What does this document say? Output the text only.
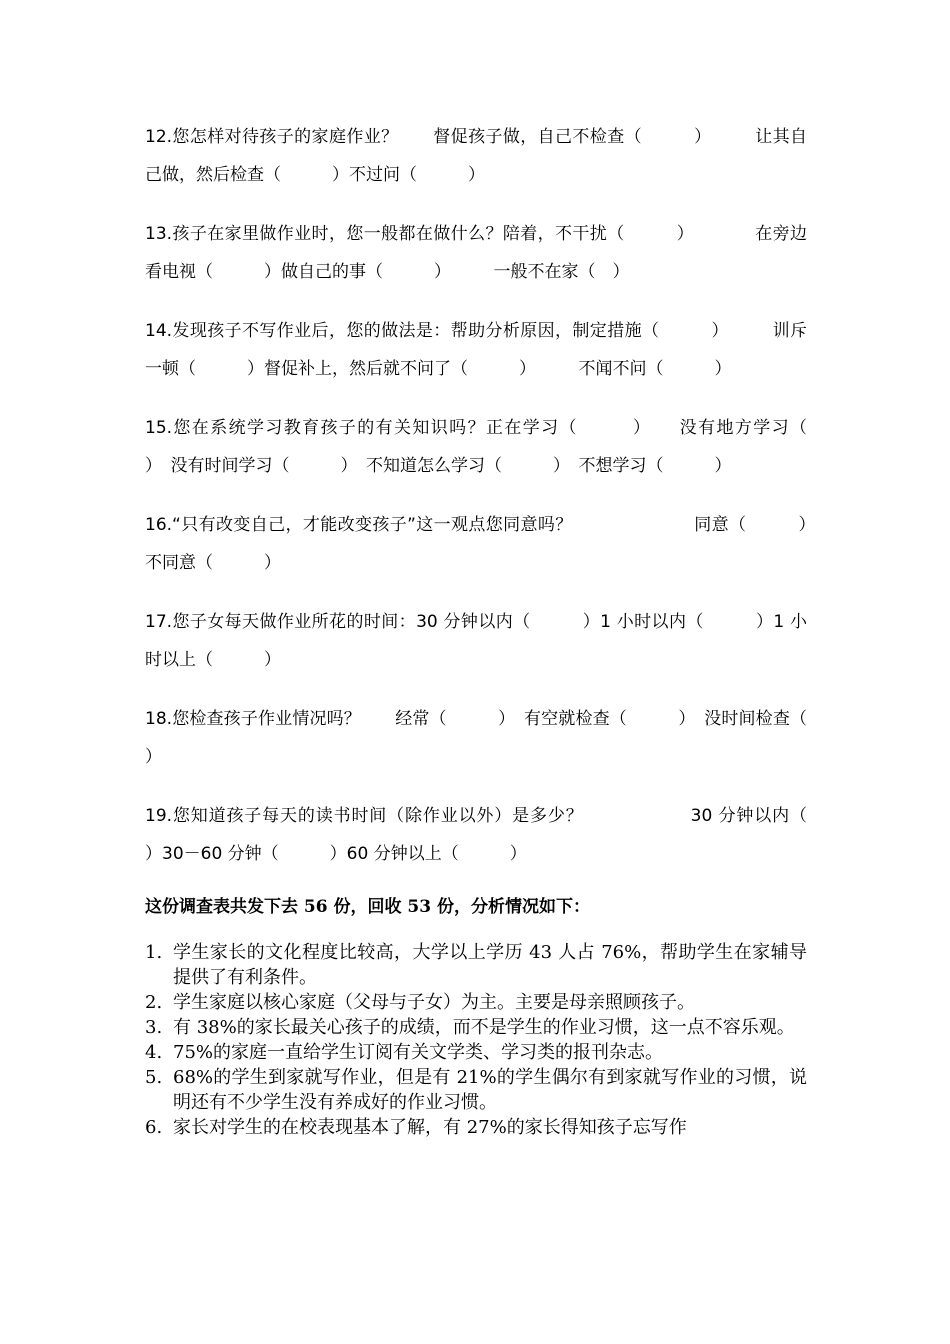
12.您怎样对待孩子的家庭作业？　　督促孩子做，自己不检查（　　　）　　　让其自己做，然后检查（　　　）不过问（　　　）
13.孩子在家里做作业时，您一般都在做什么？陪着，不干扰（　　　）　　　　在旁边看电视（　　　）做自己的事（　　　）　　　一般不在家（　）
14.发现孩子不写作业后，您的做法是：帮助分析原因，制定措施（　　　）　　　训斥一顿（　　　）督促补上，然后就不问了（　　　）　　　不闻不问（　　　）
15.您在系统学习教育孩子的有关知识吗？正在学习（　　　）　　没有地方学习（　　　）　没有时间学习（　　　）　不知道怎么学习（　　　）　不想学习（　　　）
16.“只有改变自己，才能改变孩子”这一观点您同意吗？　　　　　　　同意（　　　）　不同意（　　　）
17.您子女每天做作业所花的时间：30 分钟以内（　　　）1 小时以内（　　　）1 小时以上（　　　）
18.您检查孩子作业情况吗？　　经常（　　　）　有空就检查（　　　）　没时间检查（　　　）
19.您知道孩子每天的读书时间（除作业以外）是多少？　　　　　　30 分钟以内（　　　）30－60 分钟（　　　）60 分钟以上（　　　）
这份调查表共发下去 56 份，回收 53 份，分析情况如下：
1. 学生家长的文化程度比较高，大学以上学历 43 人占 76%，帮助学生在家辅导提供了有利条件。
2. 学生家庭以核心家庭（父母与子女）为主。主要是母亲照顾孩子。
3. 有 38%的家长最关心孩子的成绩，而不是学生的作业习惯，这一点不容乐观。
4. 75%的家庭一直给学生订阅有关文学类、学习类的报刊杂志。
5. 68%的学生到家就写作业，但是有 21%的学生偶尔有到家就写作业的习惯，说明还有不少学生没有养成好的作业习惯。
6. 家长对学生的在校表现基本了解，有 27%的家长得知孩子忘写作
